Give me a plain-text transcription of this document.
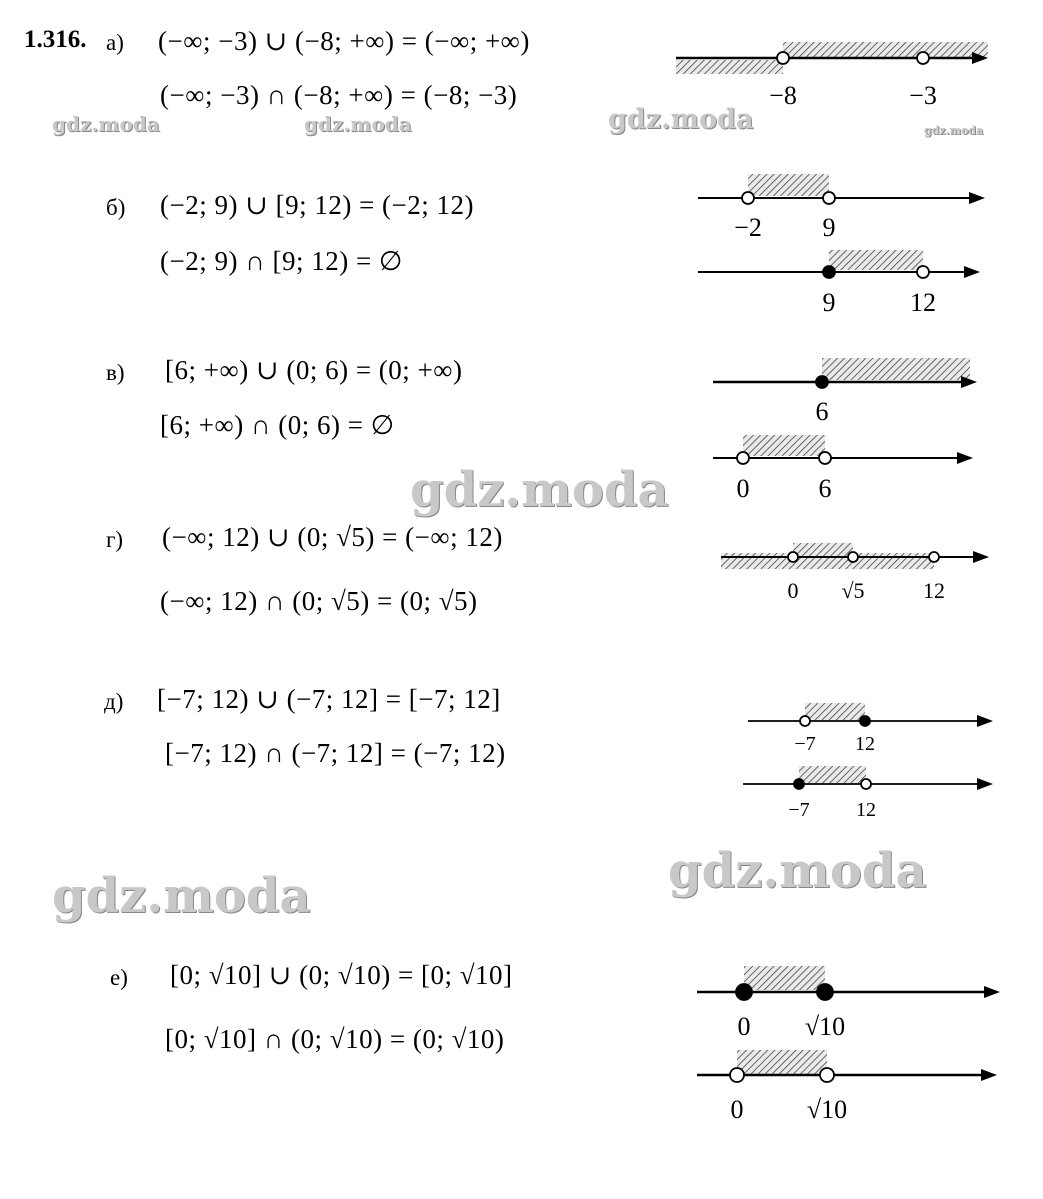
1.316. а) (−∞; −3) ∪ (−8; +∞) = (−∞; +∞)
(−∞; −3) ∩ (−8; +∞) = (−8; −3)
б) (−2; 9) ∪ [9; 12) = (−2; 12)
(−2; 9) ∩ [9; 12) = ∅
в) [6; +∞) ∪ (0; 6) = (0; +∞)
[6; +∞) ∩ (0; 6) = ∅
г) (−∞; 12) ∪ (0; √5) = (−∞; 12)
(−∞; 12) ∩ (0; √5) = (0; √5)
д) [−7; 12) ∪ (−7; 12] = [−7; 12]
[−7; 12) ∩ (−7; 12] = (−7; 12)
е) [0; √10] ∪ (0; √10) = [0; √10]
[0; √10] ∩ (0; √10) = (0; √10)
gdz.moda	gdz.moda	gdz.moda	gdz.moda
gdz.moda
gdz.moda	gdz.moda
−8	−3
−2 9
9	12
6
0	6
0 √5	12
−7 12
−7 12
0 √10
0 √10
